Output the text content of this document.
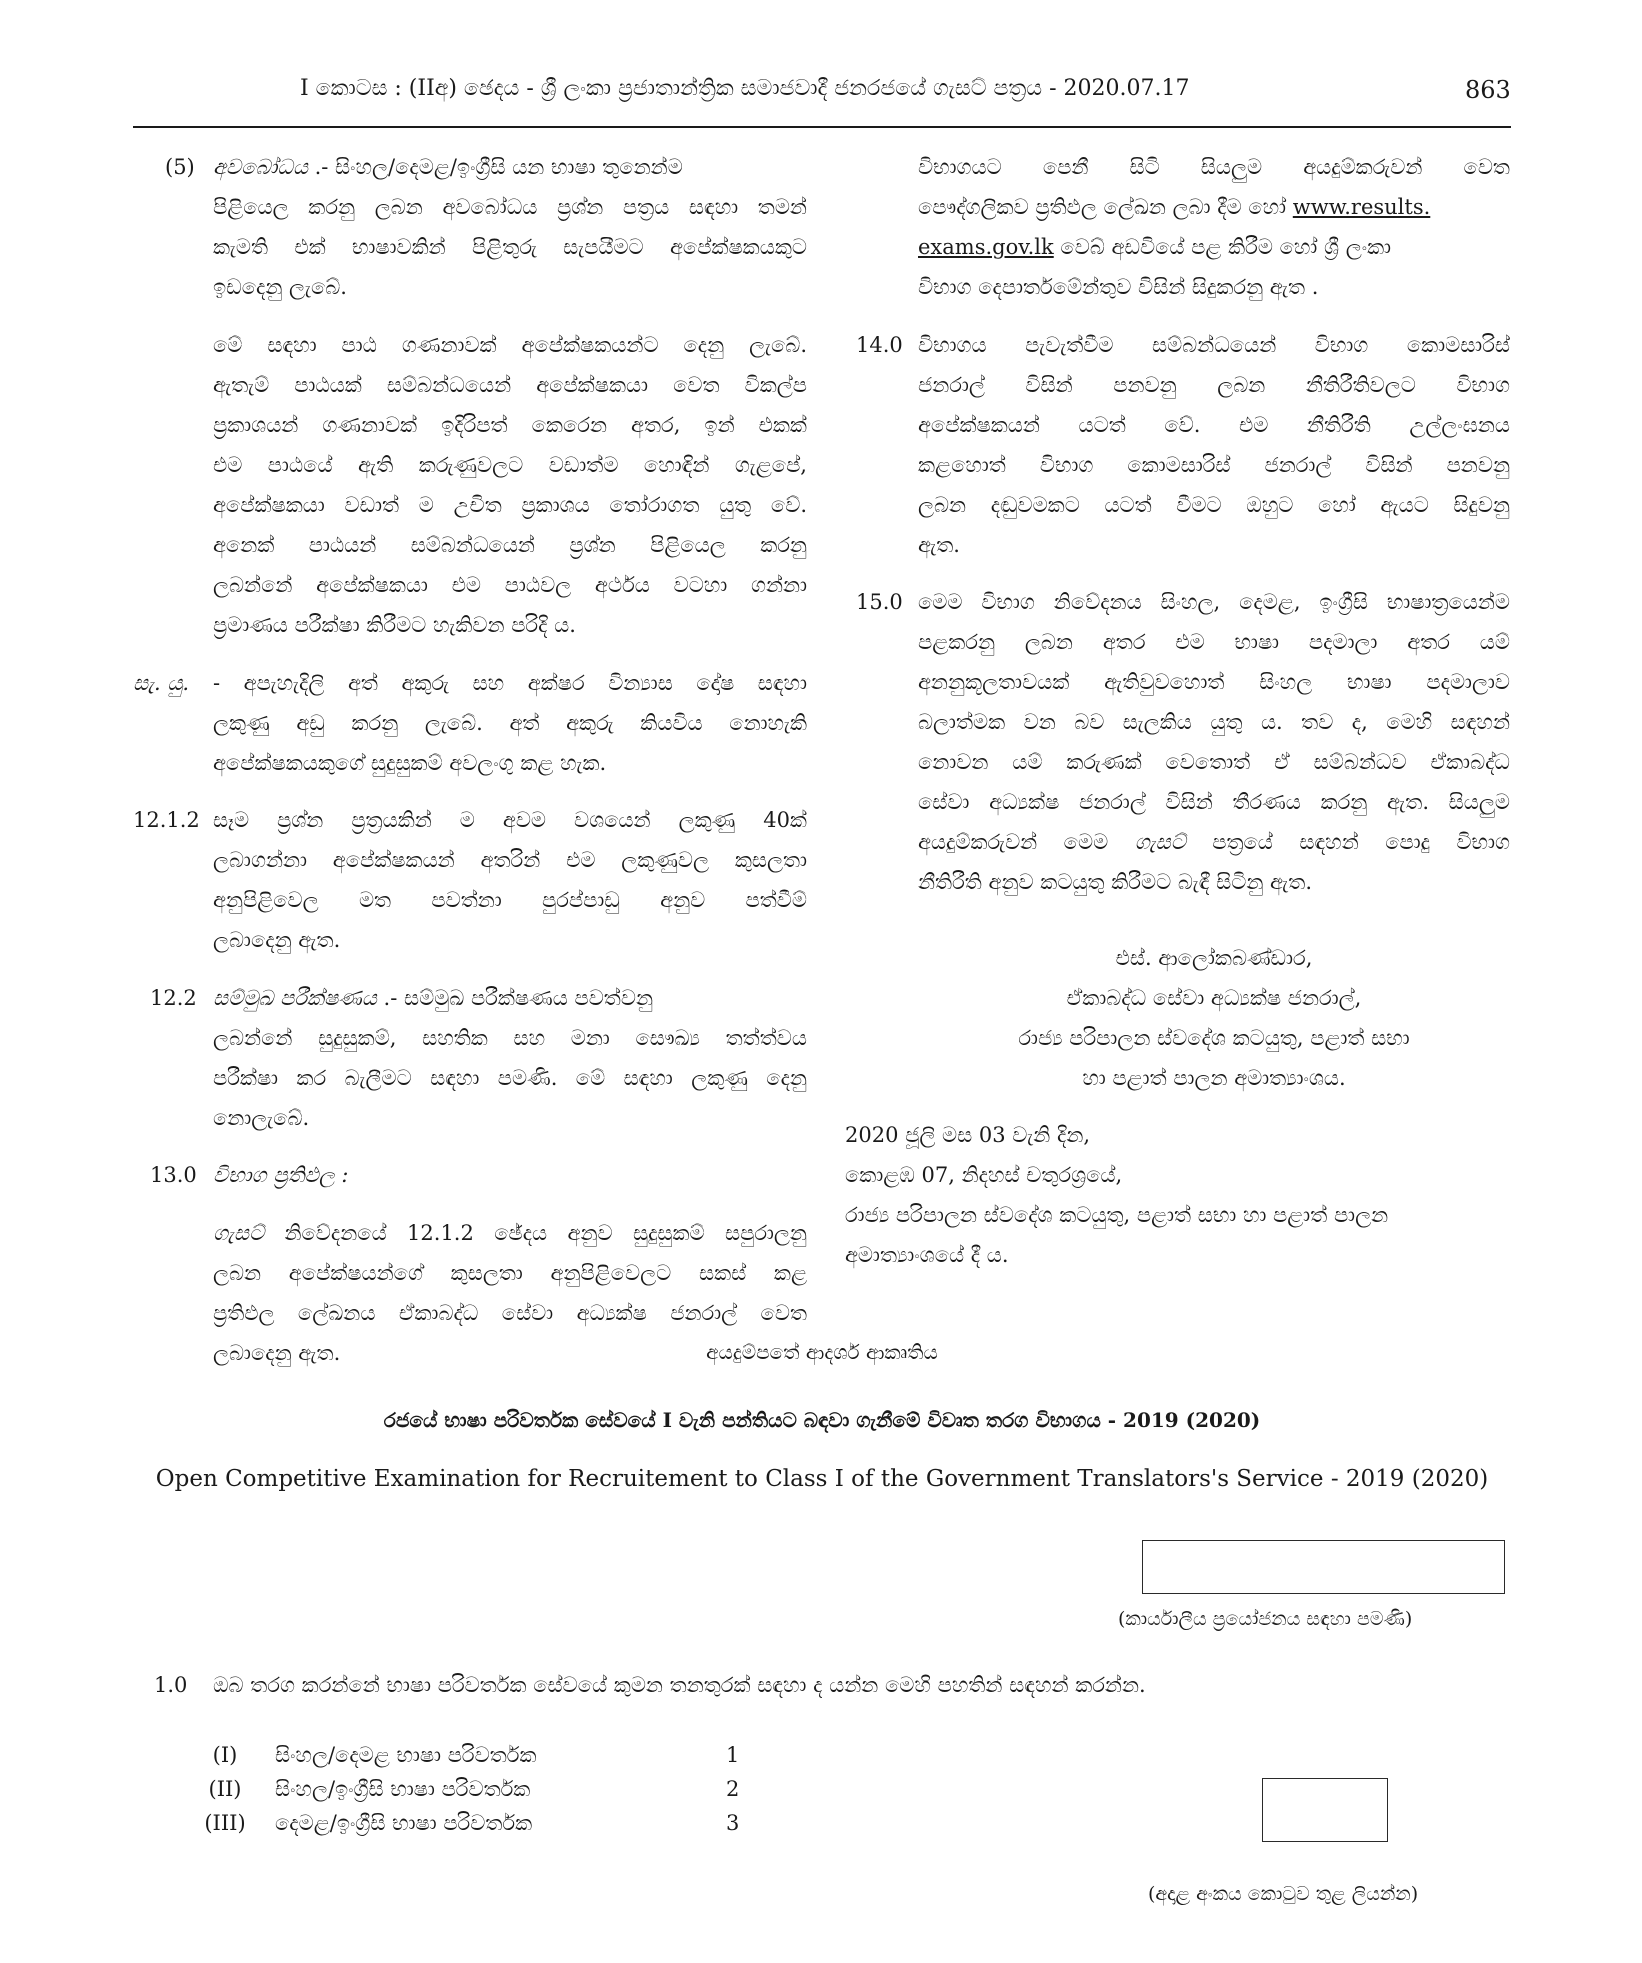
I කොටස : (IIඅ) ඡෙදය - ශ්‍රී ලංකා ප්‍රජාතාන්ත්‍රික සමාජවාදී ජනරජයේ ගැසට් පත්‍රය - 2020.07.17	863
(5) අවබෝධය .- සිංහල/දෙමළ/ඉංග්‍රීසි යන භාෂා තුනෙන්ම
පිළියෙල කරනු ලබන අවබෝධය ප්‍රශ්න පත්‍රය සඳහා තමන්
කැමති එක් භාෂාවකින් පිළිතුරු සැපයීමට අපේක්ෂකයකුට
ඉඩදෙනු ලැබේ.
මේ සඳහා පාඨ ගණනාවක් අපේක්ෂකයන්ට දෙනු ලැබේ.
ඇතැම් පාඨයක් සම්බන්ධයෙන් අපේක්ෂකයා වෙත විකල්ප
ප්‍රකාශයන් ගණනාවක් ඉදිරිපත් කෙරෙන අතර, ඉන් එකක්
එම පාඨයේ ඇති කරුණුවලට වඩාත්ම හොඳින් ගැළපේ,
අපේක්ෂකයා වඩාත් ම උචිත ප්‍රකාශය තෝරාගත යුතු වේ.
අනෙක් පාඨයන් සම්බන්ධයෙන් ප්‍රශ්න පිළියෙල කරනු
ලබන්නේ අපේක්ෂකයා එම පාඨවල අර්ථය වටහා ගන්නා
ප්‍රමාණය පරීක්ෂා කිරීමට හැකිවන පරිදි ය.
සැ. යු. - අපැහැදිලි අත් අකුරු සහ අක්ෂර වින්‍යාස දෝෂ සඳහා
ලකුණු අඩු කරනු ලැබේ. අත් අකුරු කියවිය නොහැකි
අපේක්ෂකයකුගේ සුදුසුකම් අවලංගු කළ හැක.
12.1.2 සෑම ප්‍රශ්න ප්‍රත්‍රයකින් ම අවම වශයෙන් ලකුණු 40ක්
ලබාගන්නා අපේක්ෂකයන් අතරින් එම ලකුණුවල කුසලතා
අනුපිළිවෙල මත පවත්නා පුරප්පාඩු අනුව පත්වීම්
ලබාදෙනු ඇත.
12.2 සම්මුඛ පරීක්ෂණය .- සම්මුඛ පරීක්ෂණය පවත්වනු
ලබන්නේ සුදුසුකම්, සහතික සහ මනා සෞඛ්‍ය තත්ත්වය
පරීක්ෂා කර බැලීමට සඳහා පමණි. මේ සඳහා ලකුණු දෙනු
නොලැබේ.
13.0 විභාග ප්‍රතිඵල :
ගැසට් නිවේදනයේ 12.1.2 ඡේදය අනුව සුදුසුකම් සපුරාලනු
ලබන අපේක්ෂයන්ගේ කුසලතා අනුපිළිවෙලට සකස් කළ
ප්‍රතිඵල ලේඛනය ඒකාබද්ධ සේවා අධ්‍යක්ෂ ජනරාල් වෙත
ලබාදෙනු ඇත.
විභාගයට පෙනී සිටි සියලුම අයදුම්කරුවන් වෙත
පෞද්ගලිකව ප්‍රතිඵල ලේඛන ලබා දීම හෝ www.results.
exams.gov.lk වෙබ් අඩවියේ පළ කිරීම හෝ ශ්‍රී ලංකා
විභාග දෙපාර්තමේන්තුව විසින් සිදුකරනු ඇත .
14.0 විභාගය පැවැත්වීම සම්බන්ධයෙන් විභාග කොමසාරිස්
ජනරාල් විසින් පනවනු ලබන නීතිරීතිවලට විභාග
අපේක්ෂකයන් යටත් වේ. එම නීතිරීති උල්ලංඝනය
කළහොත් විභාග කොමසාරිස් ජනරාල් විසින් පනවනු
ලබන දඬුවමකට යටත් වීමට ඔහුට හෝ ඇයට සිදුවනු
ඇත.
15.0 මෙම විභාග නිවේදනය සිංහල, දෙමළ, ඉංග්‍රීසි භාෂාත්‍රයෙන්ම
පළකරනු ලබන අතර එම භාෂා පදමාලා අතර යම්
අනනුකූලතාවයක් ඇතිවුවහොත් සිංහල භාෂා පදමාලාව
බලාත්මක වන බව සැලකිය යුතු ය. තව ද, මෙහි සඳහන්
නොවන යම් කරුණක් වෙතොත් ඒ සම්බන්ධව ඒකාබද්ධ
සේවා අධ්‍යක්ෂ ජනරාල් විසින් තීරණය කරනු ඇත. සියලුම
අයදුම්කරුවන් මෙම ගැසට් පත්‍රයේ සඳහන් පොදු විභාග
නීතිරීති අනුව කටයුතු කිරීමට බැඳී සිටිනු ඇත.
එස්. ආලෝකබණ්ඩාර,
ඒකාබද්ධ සේවා අධ්‍යක්ෂ ජනරාල්,
රාජ්‍ය පරිපාලන ස්වදේශ කටයුතු, පළාත් සභා
හා පළාත් පාලන අමාත්‍යාංශය.
2020 ජූලි මස 03 වැනි දින,
කොළඹ 07, නිදහස් චතුරශ්‍රයේ,
රාජ්‍ය පරිපාලන ස්වදේශ කටයුතු, පළාත් සභා හා පළාත් පාලන
අමාත්‍යාංශයේ දී ය.
අයදුම්පතේ ආදර්ශ ආකෘතිය
රජයේ භාෂා පරිවර්තක සේවයේ I වැනි පන්තියට බඳවා ගැනීමේ විවෘත තරග විභාගය - 2019 (2020)
Open Competitive Examination for Recruitement to Class I of the Government Translators's Service - 2019 (2020)
(කාර්යාලීය ප්‍රයෝජනය සඳහා පමණි)
1.0 ඔබ තරග කරන්නේ භාෂා පරිවර්තක සේවයේ කුමන තනතුරක් සඳහා ද යන්න මෙහි පහතින් සඳහන් කරන්න.
(I) සිංහල/දෙමළ භාෂා පරිවර්තක	1
(II) සිංහල/ඉංග්‍රීසි භාෂා පරිවර්තක	2
(III)	දෙමළ/ඉංග්‍රීසි භාෂා පරිවර්තක	3
(අදාළ අංකය කොටුව තුළ ලියන්න)
